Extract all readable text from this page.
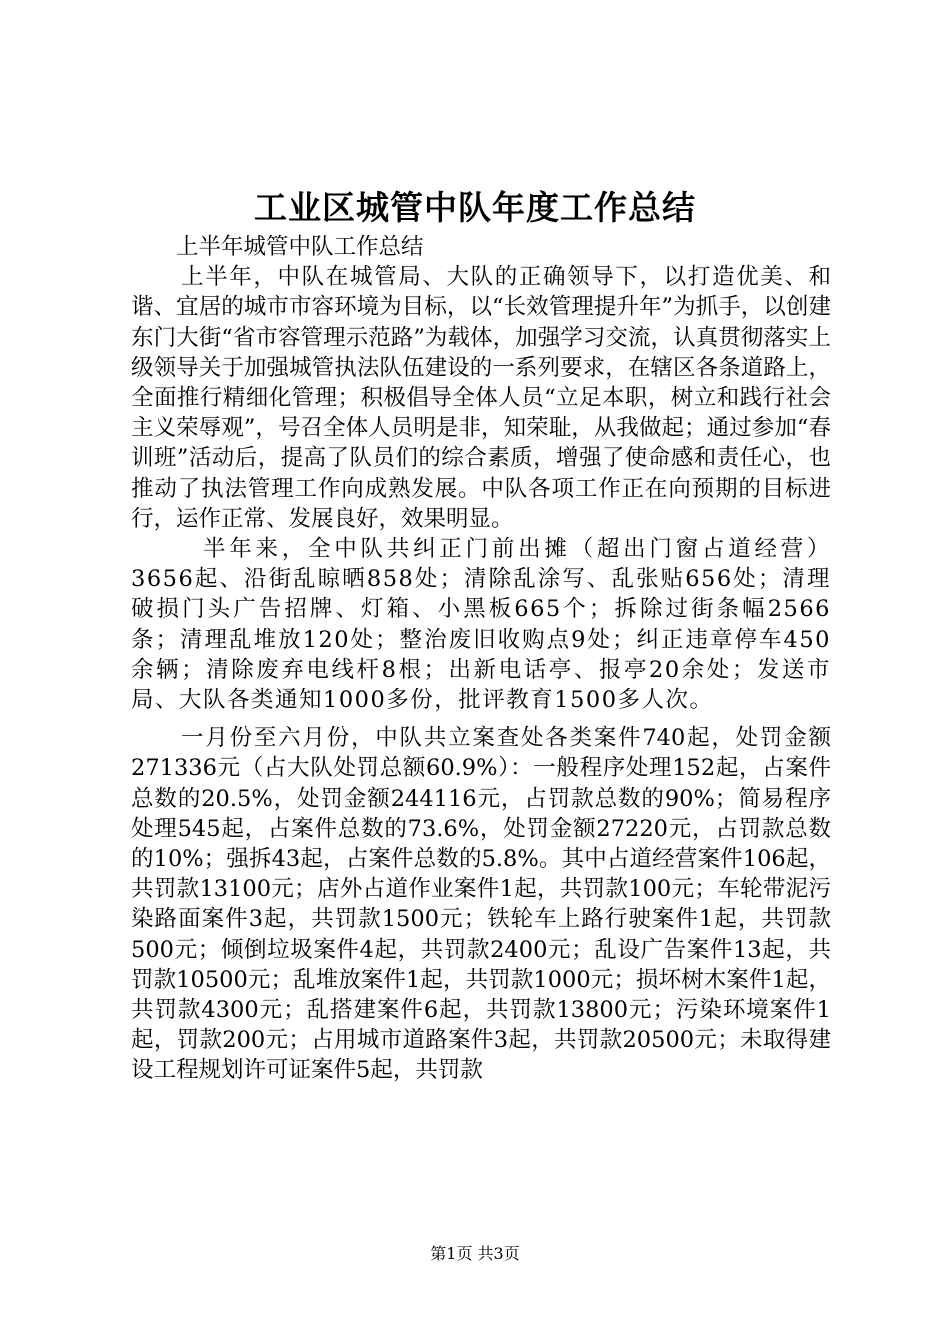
工业区城管中队年度工作总结

上半年城管中队工作总结

上半年，中队在城管局、大队的正确领导下，以打造优美、和谐、宜居的城市市容环境为目标，以“长效管理提升年”为抓手，以创建东门大街“省市容管理示范路”为载体，加强学习交流，认真贯彻落实上级领导关于加强城管执法队伍建设的一系列要求，在辖区各条道路上，全面推行精细化管理；积极倡导全体人员“立足本职，树立和践行社会主义荣辱观”，号召全体人员明是非，知荣耻，从我做起；通过参加“春训班”活动后，提高了队员们的综合素质，增强了使命感和责任心，也推动了执法管理工作向成熟发展。中队各项工作正在向预期的目标进行，运作正常、发展良好，效果明显。

半年来，全中队共纠正门前出摊（超出门窗占道经营）3656起、沿街乱晾晒858处；清除乱涂写、乱张贴656处；清理破损门头广告招牌、灯箱、小黑板665个；拆除过街条幅2566条；清理乱堆放120处；整治废旧收购点9处；纠正违章停车450余辆；清除废弃电线杆8根；出新电话亭、报亭20余处；发送市局、大队各类通知1000多份，批评教育1500多人次。

一月份至六月份，中队共立案查处各类案件740起，处罚金额271336元（占大队处罚总额60.9%）：一般程序处理152起，占案件总数的20.5%，处罚金额244116元，占罚款总数的90%；简易程序处理545起，占案件总数的73.6%，处罚金额27220元，占罚款总数的10%；强拆43起，占案件总数的5.8%。其中占道经营案件106起，共罚款13100元；店外占道作业案件1起，共罚款100元；车轮带泥污染路面案件3起，共罚款1500元；铁轮车上路行驶案件1起，共罚款500元；倾倒垃圾案件4起，共罚款2400元；乱设广告案件13起，共罚款10500元；乱堆放案件1起，共罚款1000元；损坏树木案件1起，共罚款4300元；乱搭建案件6起，共罚款13800元；污染环境案件1起，罚款200元；占用城市道路案件3起，共罚款20500元；未取得建设工程规划许可证案件5起，共罚款

第1页 共3页
